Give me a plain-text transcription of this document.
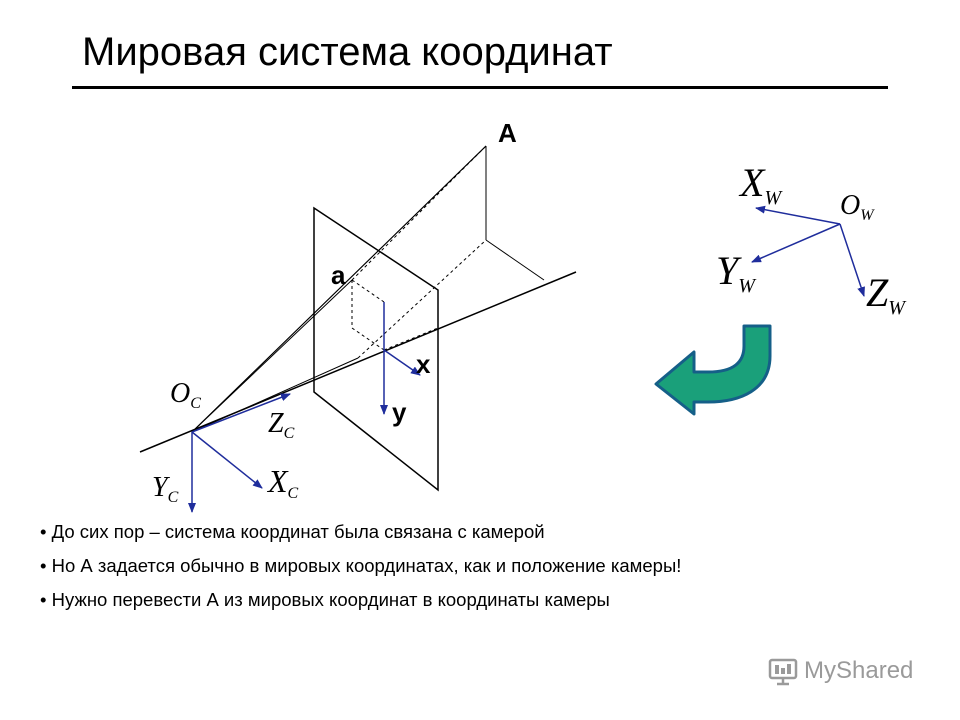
Мировая система координат
A
a
x
y
$O_C$
$Z_C$
$Y_C$	XC
$X_W$ $O_W$
$Y_W$	$Z_W$
• До сих пор – система координат была связана с камерой
• Но А задается обычно в мировых координатах, как и положение камеры!
• Нужно перевести А из мировых координат в координаты камеры
MyShared
